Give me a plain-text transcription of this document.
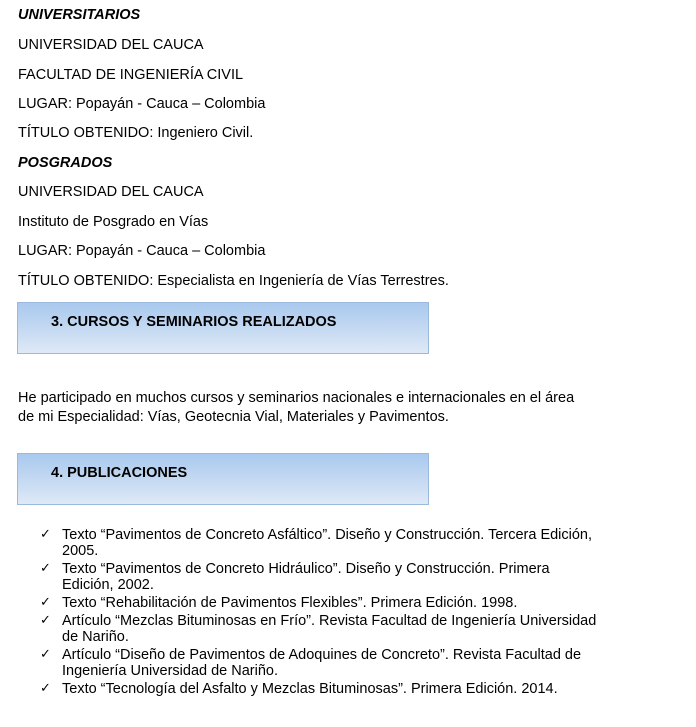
UNIVERSITARIOS
UNIVERSIDAD DEL CAUCA
FACULTAD DE INGENIERÍA CIVIL
LUGAR: Popayán - Cauca – Colombia
TÍTULO OBTENIDO: Ingeniero Civil.
POSGRADOS
UNIVERSIDAD DEL CAUCA
Instituto de Posgrado en Vías
LUGAR: Popayán - Cauca – Colombia
TÍTULO OBTENIDO: Especialista en Ingeniería de Vías Terrestres.
3. CURSOS Y SEMINARIOS REALIZADOS
He participado en muchos cursos y seminarios nacionales e internacionales en el área de mi Especialidad: Vías, Geotecnia Vial, Materiales y Pavimentos.
4. PUBLICACIONES
✓ Texto “Pavimentos de Concreto Asfáltico”. Diseño y Construcción. Tercera Edición, 2005.
✓ Texto “Pavimentos de Concreto Hidráulico”. Diseño y Construcción. Primera Edición, 2002.
✓ Texto “Rehabilitación de Pavimentos Flexibles”. Primera Edición. 1998.
✓ Artículo “Mezclas Bituminosas en Frío”. Revista Facultad de Ingeniería Universidad de Nariño.
✓ Artículo “Diseño de Pavimentos de Adoquines de Concreto”. Revista Facultad de Ingeniería Universidad de Nariño.
✓ Texto “Tecnología del Asfalto y Mezclas Bituminosas”. Primera Edición. 2014.
